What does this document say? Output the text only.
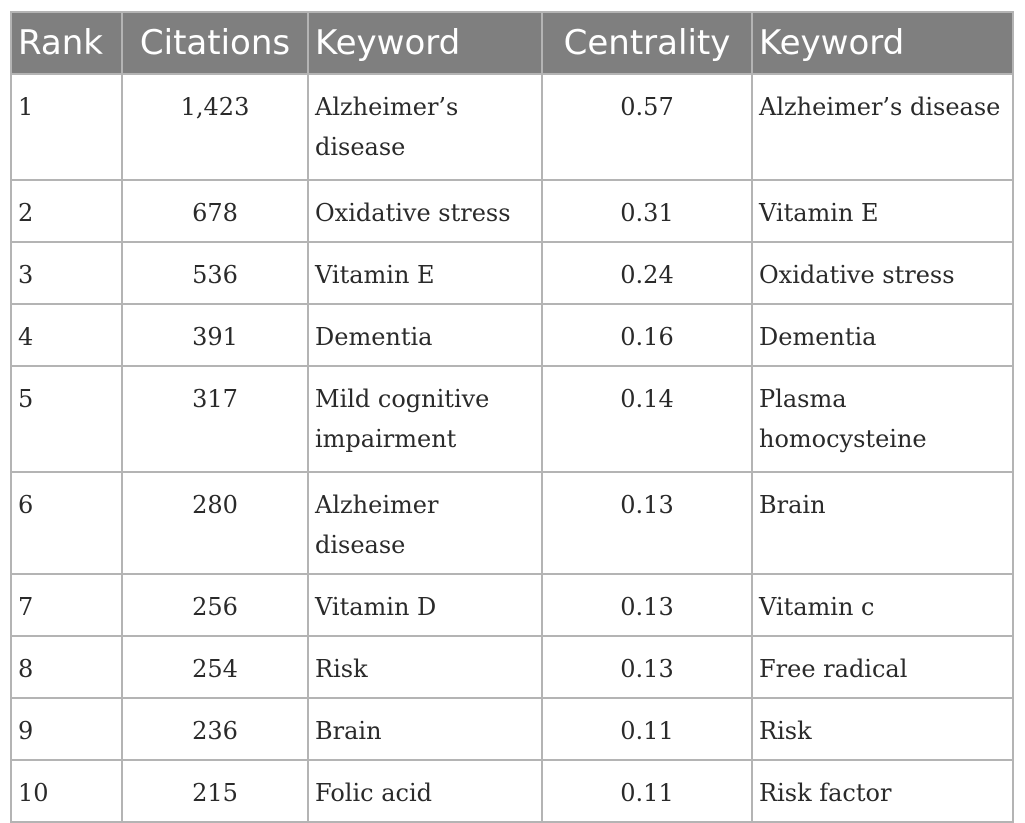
Rank	Citations	Keyword	Centrality	Keyword
1	1,423	Alzheimer’s disease	0.57	Alzheimer’s disease
2	678	Oxidative stress	0.31	Vitamin E
3	536	Vitamin E	0.24	Oxidative stress
4	391	Dementia	0.16	Dementia
5	317	Mild cognitive impairment	0.14	Plasma homocysteine
6	280	Alzheimer disease	0.13	Brain
7	256	Vitamin D	0.13	Vitamin c
8	254	Risk	0.13	Free radical
9	236	Brain	0.11	Risk
10	215	Folic acid	0.11	Risk factor
